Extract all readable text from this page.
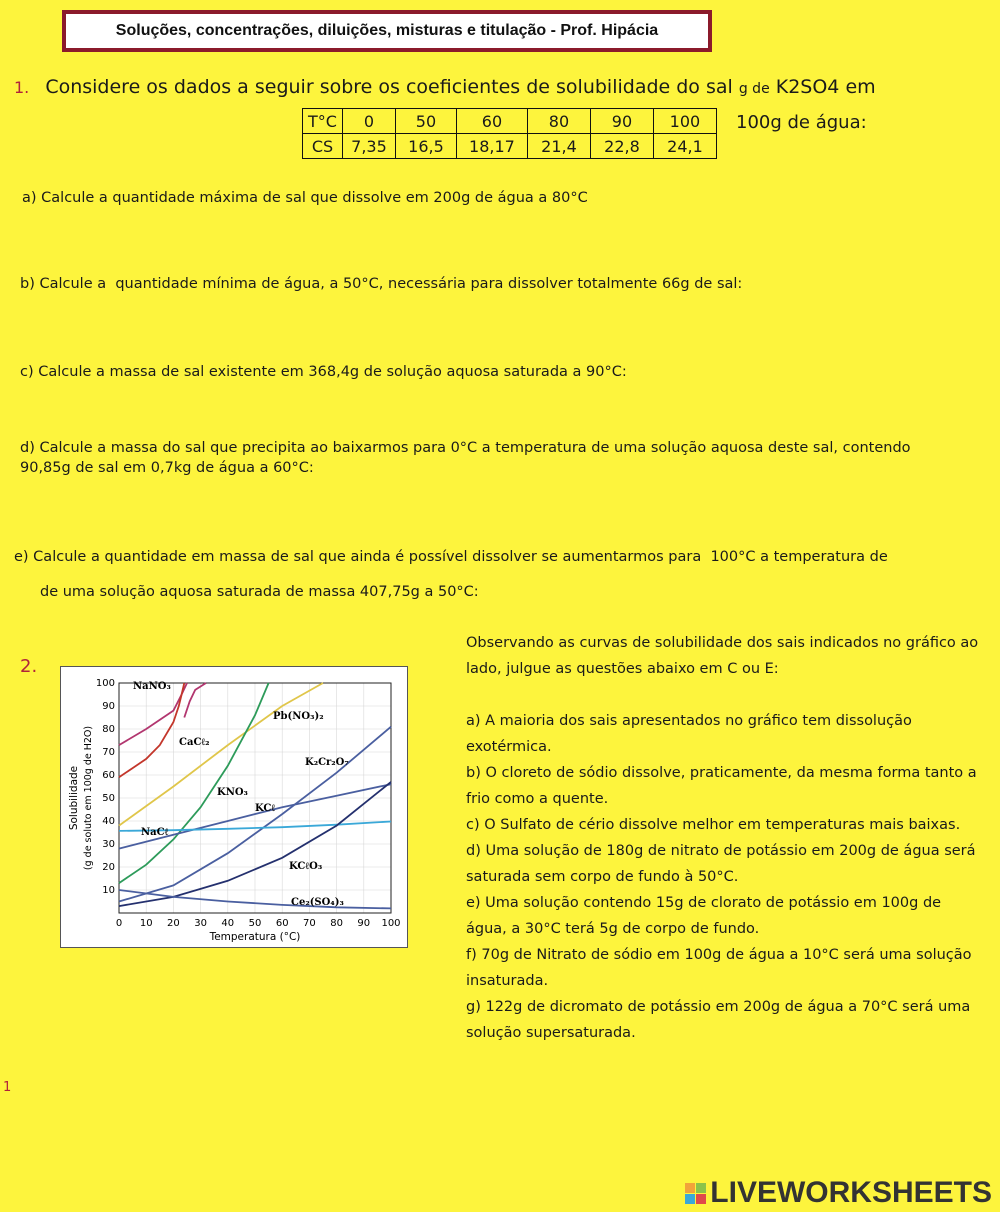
Soluções, concentrações, diluições, misturas e titulação - Prof. Hipácia
1. Considere os dados a seguir sobre os coeficientes de solubilidade do sal g de K2SO4 em
T°C	0	50	60	80	90	100
CS	7,35	16,5	18,17	21,4	22,8	24,1
100g de água:
a) Calcule a quantidade máxima de sal que dissolve em 200g de água a 80°C
b) Calcule a quantidade mínima de água, a 50°C, necessária para dissolver totalmente 66g de sal:
c) Calcule a massa de sal existente em 368,4g de solução aquosa saturada a 90°C:
d) Calcule a massa do sal que precipita ao baixarmos para 0°C a temperatura de uma solução aquosa deste sal, contendo
90,85g de sal em 0,7kg de água a 60°C:
e) Calcule a quantidade em massa de sal que ainda é possível dissolver se aumentarmos para 100°C a temperatura de
de uma solução aquosa saturada de massa 407,75g a 50°C:
2.
0 10 20 30 40 50 60 70 80 90 100
10
20
30
40
50
60
70
80
90
100
Temperatura (°C)
Solubilidade (g de soluto em 100g de H2O)
NaNO₃
CaCℓ₂
Pb(NO₃)₂
KNO₃
K₂Cr₂O₇
KCℓ
NaCℓ
KCℓO₃
Ce₂(SO₄)₃

Observando as curvas de solubilidade dos sais indicados no gráfico ao lado, julgue as questões abaixo em C ou E:

a) A maioria dos sais apresentados no gráfico tem dissolução exotérmica.

b) O cloreto de sódio dissolve, praticamente, da mesma forma tanto a frio como a quente.

c) O Sulfato de cério dissolve melhor em temperaturas mais baixas.

d) Uma solução de 180g de nitrato de potássio em 200g de água será saturada sem corpo de fundo à 50°C.

e) Uma solução contendo 15g de clorato de potássio em 100g de água, a 30°C terá 5g de corpo de fundo.

f) 70g de Nitrato de sódio em 100g de água a 10°C será uma solução insaturada.

g) 122g de dicromato de potássio em 200g de água a 70°C será uma solução supersaturada.

1
LIVEWORKSHEETS
